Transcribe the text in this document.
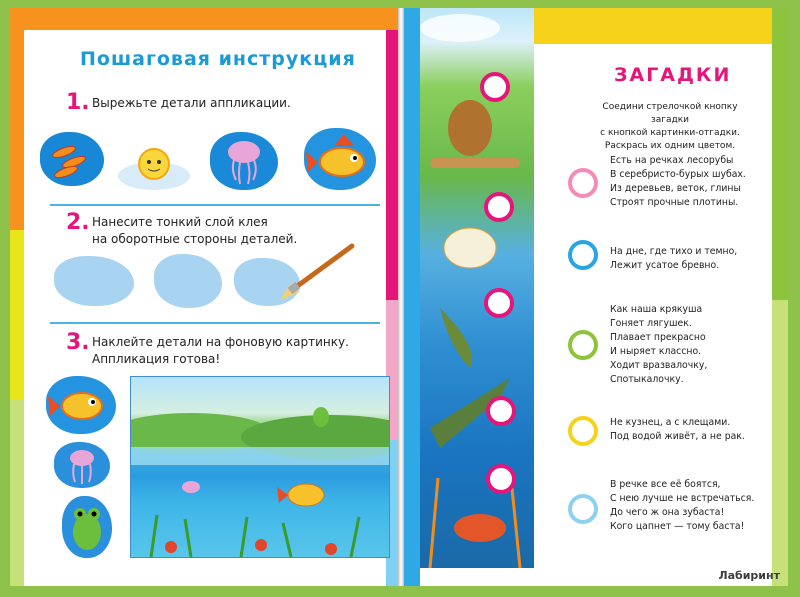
Пошаговая инструкция
1. Вырежьте детали аппликации.
2. Нанесите тонкий слой клея
на оборотные стороны деталей.
3. Наклейте детали на фоновую картинку.
Аппликация готова!
ЗАГАДКИ
Соедини стрелочкой кнопку загадки
с кнопкой картинки-отгадки.
Раскрась их одним цветом.
Есть на речках лесорубы
В серебристо-бурых шубах.
Из деревьев, веток, глины
Строят прочные плотины.
На дне, где тихо и темно,
Лежит усатое бревно.
Как наша крякуша
Гоняет лягушек.
Плавает прекрасно
И ныряет классно.
Ходит вразвалочку,
Спотыкалочку.
Не кузнец, а с клещами.
Под водой живёт, а не рак.
В речке все её боятся,
С нею лучше не встречаться.
До чего ж она зубаста!
Кого цапнет — тому баста!
Лабиринт
